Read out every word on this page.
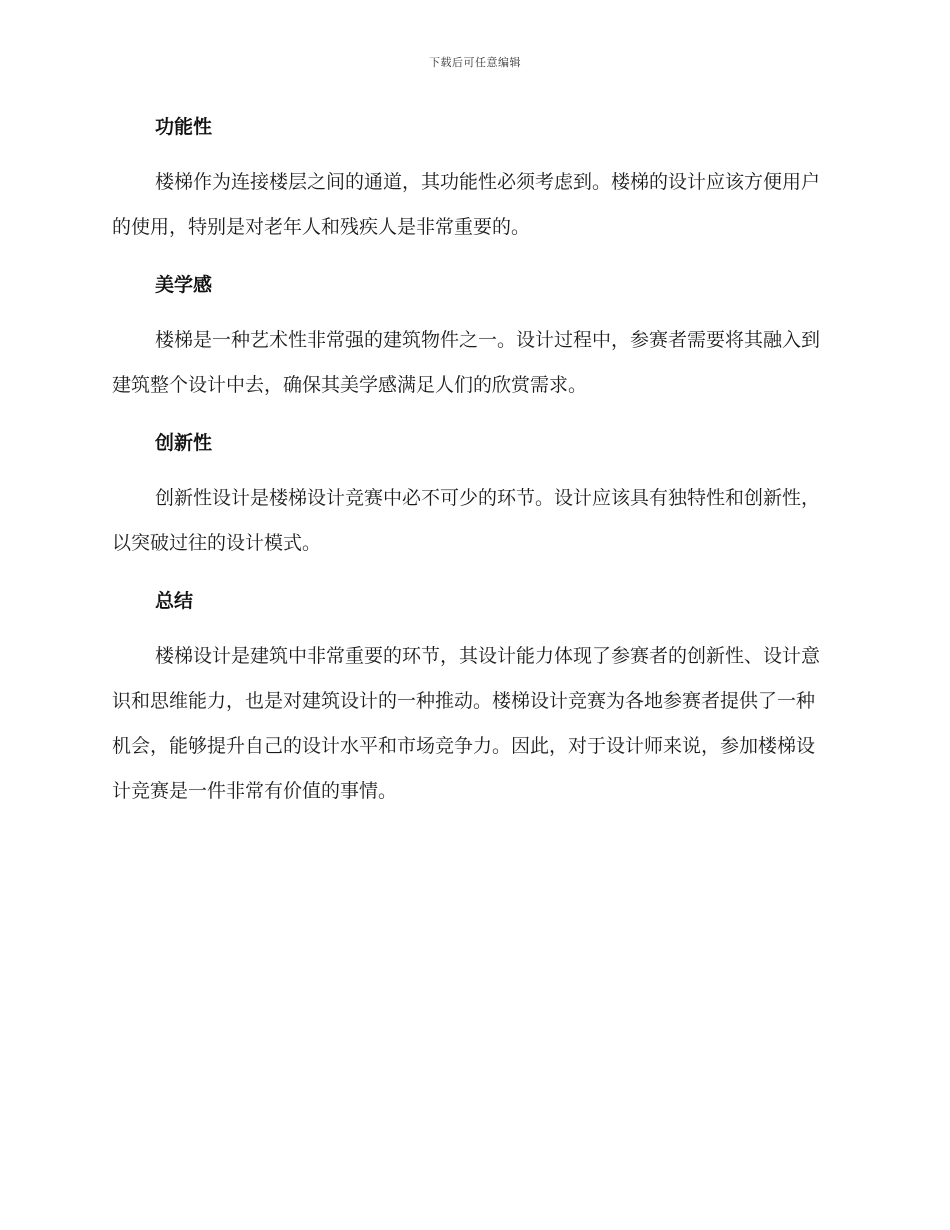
下载后可任意编辑
功能性

楼梯作为连接楼层之间的通道，其功能性必须考虑到。楼梯的设计应该方便用户的使用，特别是对老年人和残疾人是非常重要的。

美学感

楼梯是一种艺术性非常强的建筑物件之一。设计过程中，参赛者需要将其融入到建筑整个设计中去，确保其美学感满足人们的欣赏需求。

创新性

创新性设计是楼梯设计竞赛中必不可少的环节。设计应该具有独特性和创新性，以突破过往的设计模式。

总结

楼梯设计是建筑中非常重要的环节，其设计能力体现了参赛者的创新性、设计意识和思维能力，也是对建筑设计的一种推动。楼梯设计竞赛为各地参赛者提供了一种机会，能够提升自己的设计水平和市场竞争力。因此，对于设计师来说，参加楼梯设计竞赛是一件非常有价值的事情。
